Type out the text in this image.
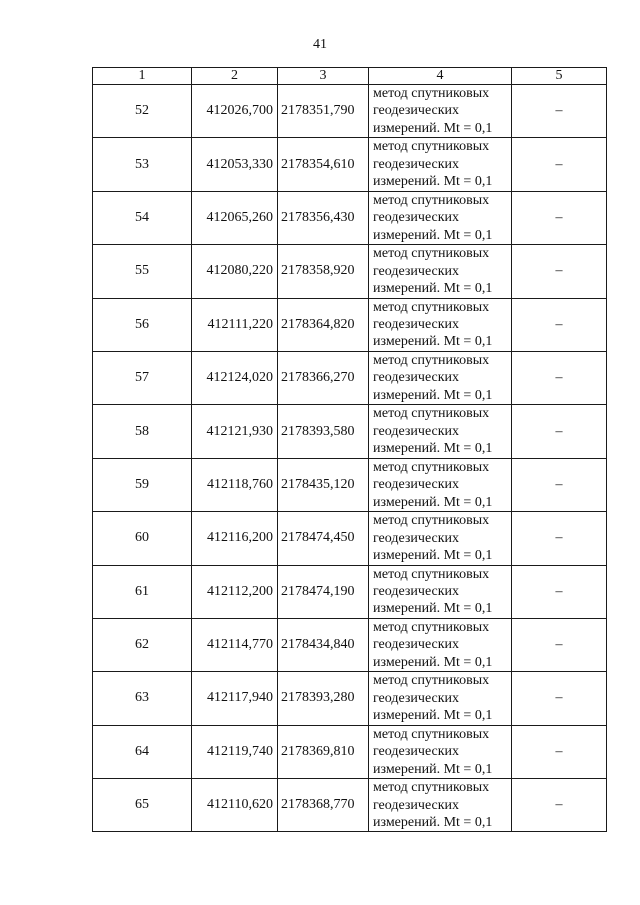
41
1	2	3	4	5
52	412026,700	2178351,790	метод спутниковых
геодезических
измерений. Mt = 0,1	–
53	412053,330	2178354,610	метод спутниковых
геодезических
измерений. Mt = 0,1	–
54	412065,260	2178356,430	метод спутниковых
геодезических
измерений. Mt = 0,1	–
55	412080,220	2178358,920	метод спутниковых
геодезических
измерений. Mt = 0,1	–
56	412111,220	2178364,820	метод спутниковых
геодезических
измерений. Mt = 0,1	–
57	412124,020	2178366,270	метод спутниковых
геодезических
измерений. Mt = 0,1	–
58	412121,930	2178393,580	метод спутниковых
геодезических
измерений. Mt = 0,1	–
59	412118,760	2178435,120	метод спутниковых
геодезических
измерений. Mt = 0,1	–
60	412116,200	2178474,450	метод спутниковых
геодезических
измерений. Mt = 0,1	–
61	412112,200	2178474,190	метод спутниковых
геодезических
измерений. Mt = 0,1	–
62	412114,770	2178434,840	метод спутниковых
геодезических
измерений. Mt = 0,1	–
63	412117,940	2178393,280	метод спутниковых
геодезических
измерений. Mt = 0,1	–
64	412119,740	2178369,810	метод спутниковых
геодезических
измерений. Mt = 0,1	–
65	412110,620	2178368,770	метод спутниковых
геодезических
измерений. Mt = 0,1	–
